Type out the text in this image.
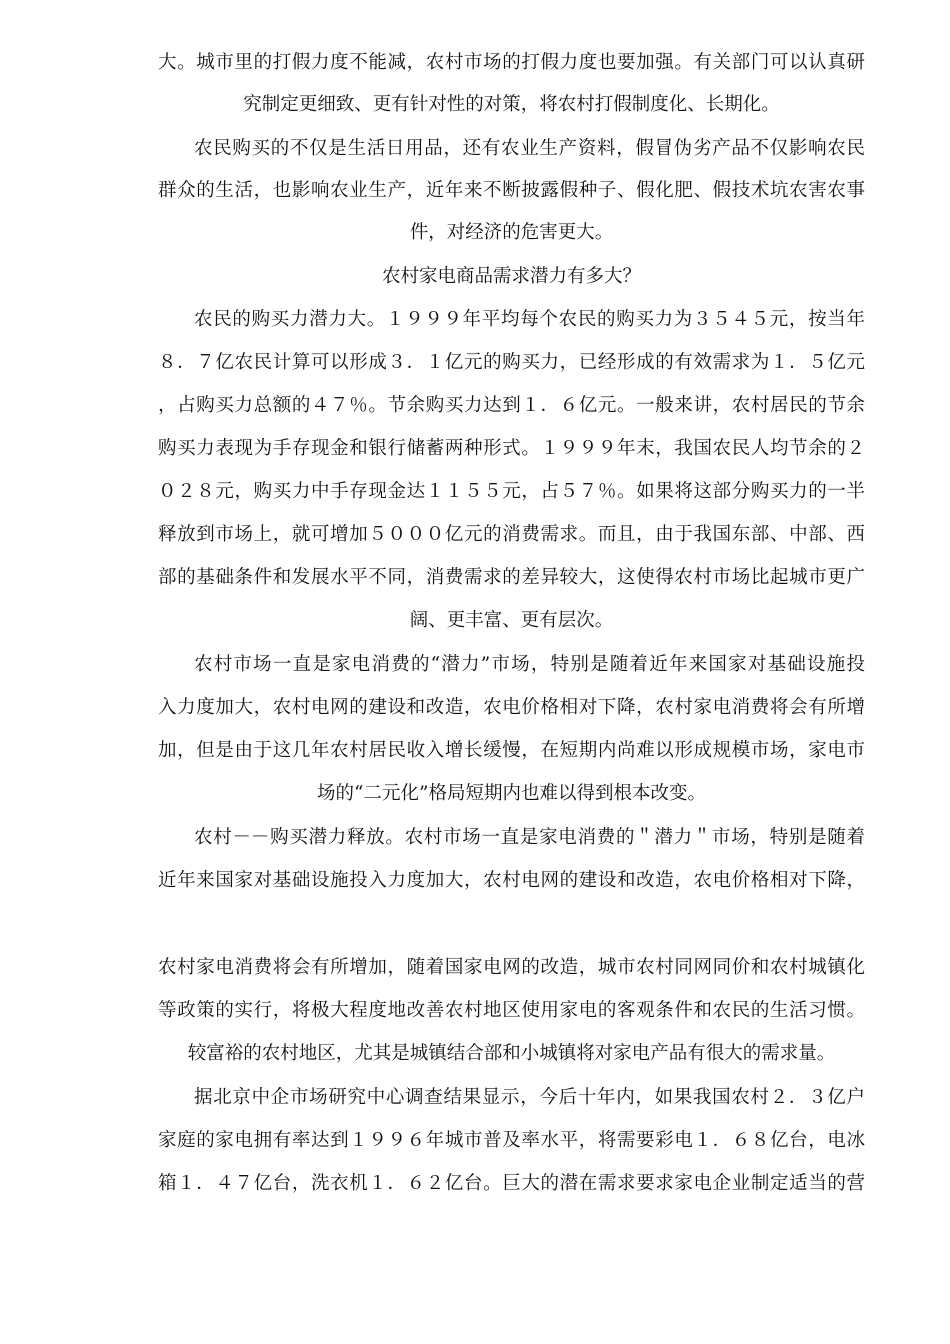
大。城市里的打假力度不能减，农村市场的打假力度也要加强。有关部门可以认真研
究制定更细致、更有针对性的对策，将农村打假制度化、长期化。
农民购买的不仅是生活日用品，还有农业生产资料，假冒伪劣产品不仅影响农民
群众的生活，也影响农业生产，近年来不断披露假种子、假化肥、假技术坑农害农事
件，对经济的危害更大。
农村家电商品需求潜力有多大？
农民的购买力潜力大。１９９９年平均每个农民的购买力为３５４５元，按当年
８．７亿农民计算可以形成３．１亿元的购买力，已经形成的有效需求为１．５亿元
，占购买力总额的４７％。节余购买力达到１．６亿元。一般来讲，农村居民的节余
购买力表现为手存现金和银行储蓄两种形式。１９９９年末，我国农民人均节余的２
０２８元，购买力中手存现金达１１５５元，占５７％。如果将这部分购买力的一半
释放到市场上，就可增加５０００亿元的消费需求。而且，由于我国东部、中部、西
部的基础条件和发展水平不同，消费需求的差异较大，这使得农村市场比起城市更广
阔、更丰富、更有层次。
农村市场一直是家电消费的“潜力”市场，特别是随着近年来国家对基础设施投
入力度加大，农村电网的建设和改造，农电价格相对下降，农村家电消费将会有所增
加，但是由于这几年农村居民收入增长缓慢，在短期内尚难以形成规模市场，家电市
场的“二元化”格局短期内也难以得到根本改变。
农村－－购买潜力释放。农村市场一直是家电消费的＂潜力＂市场，特别是随着
近年来国家对基础设施投入力度加大，农村电网的建设和改造，农电价格相对下降，
农村家电消费将会有所增加，随着国家电网的改造，城市农村同网同价和农村城镇化
等政策的实行，将极大程度地改善农村地区使用家电的客观条件和农民的生活习惯。
较富裕的农村地区，尤其是城镇结合部和小城镇将对家电产品有很大的需求量。
据北京中企市场研究中心调查结果显示，今后十年内，如果我国农村２．３亿户
家庭的家电拥有率达到１９９６年城市普及率水平，将需要彩电１．６８亿台，电冰
箱１．４７亿台，洗衣机１．６２亿台。巨大的潜在需求要求家电企业制定适当的营
